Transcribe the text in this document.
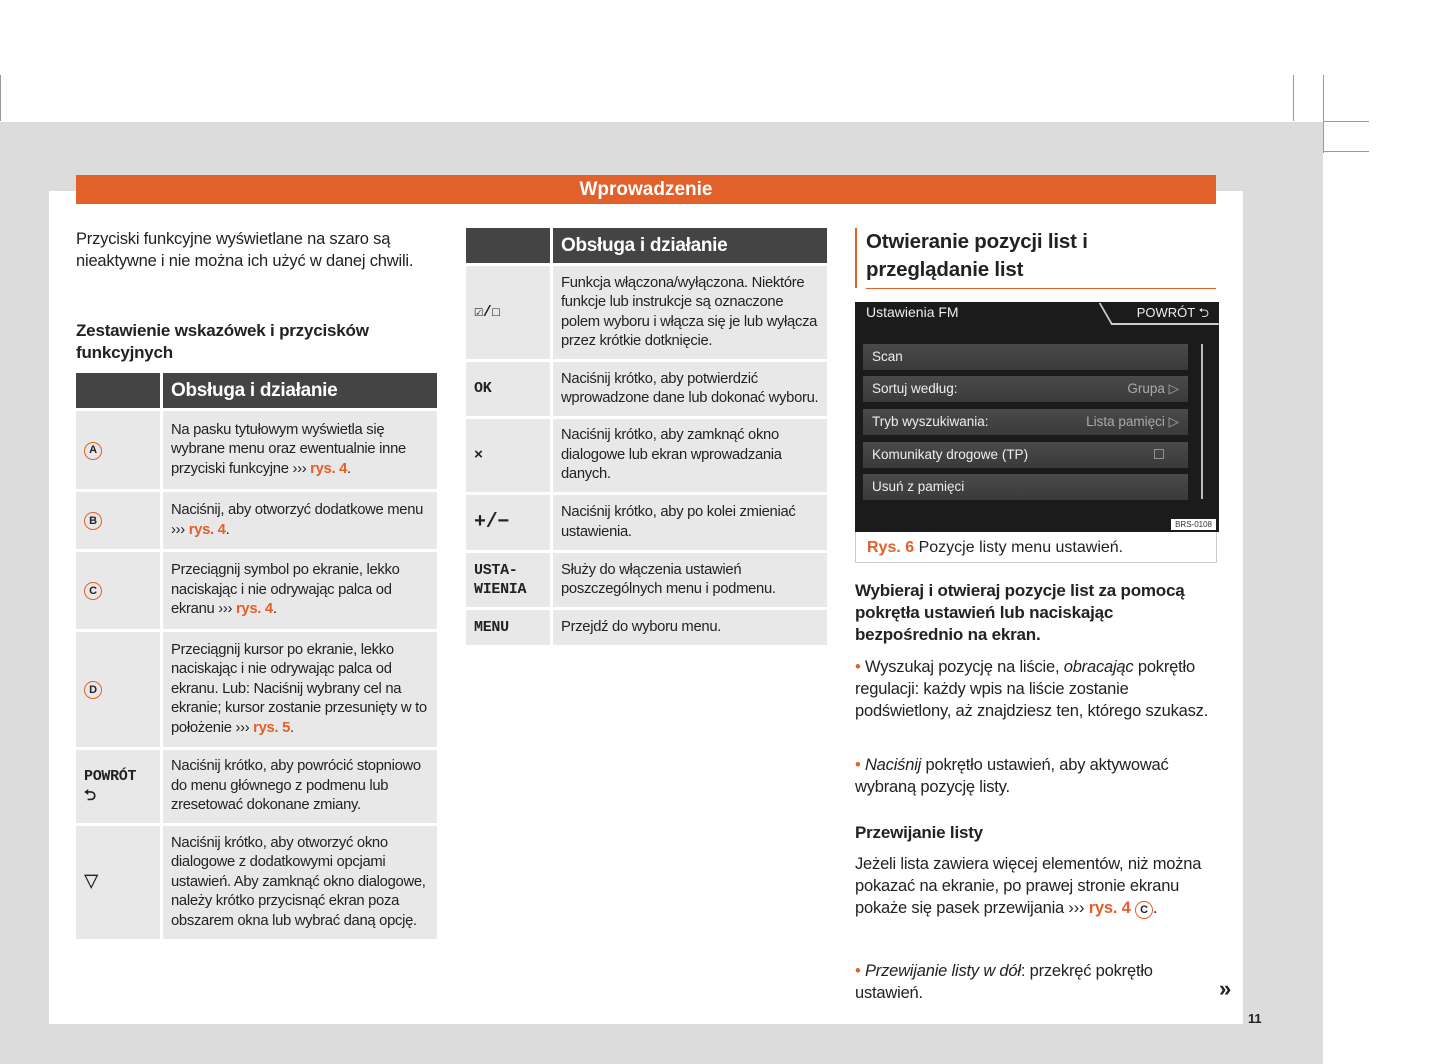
Wprowadzenie
Przyciski funkcyjne wyświetlane na szaro są nieaktywne i nie można ich użyć w danej chwili.
Zestawienie wskazówek i przycisków funkcyjnych
	Obsługa i działanie
A	Na pasku tytułowym wyświetla się wybrane menu oraz ewentualnie inne przyciski funkcyjne ››› rys. 4.
B	Naciśnij, aby otworzyć dodatkowe menu ››› rys. 4.
C	Przeciągnij symbol po ekranie, lekko naciskając i nie odrywając palca od ekranu ››› rys. 4.
D	Przeciągnij kursor po ekranie, lekko naciskając i nie odrywając palca od ekranu. Lub: Naciśnij wybrany cel na ekranie; kursor zostanie przesunięty w to położenie ››› rys. 5.
POWRÓT ⮌	Naciśnij krótko, aby powrócić stopniowo do menu głównego z podmenu lub zresetować dokonane zmiany.
▽	Naciśnij krótko, aby otworzyć okno dialogowe z dodatkowymi opcjami ustawień. Aby zamknąć okno dialogowe, należy krótko przycisnąć ekran poza obszarem okna lub wybrać daną opcję.
	Obsługa i działanie
☑/☐	Funkcja włączona/wyłączona. Niektóre funkcje lub instrukcje są oznaczone polem wyboru i włącza się je lub wyłącza przez krótkie dotknięcie.
OK	Naciśnij krótko, aby potwierdzić wprowadzone dane lub dokonać wyboru.
×	Naciśnij krótko, aby zamknąć okno dialogowe lub ekran wprowadzania danych.
+/−	Naciśnij krótko, aby po kolei zmieniać ustawienia.
USTA-WIENIA	Służy do włączenia ustawień poszczególnych menu i podmenu.
MENU	Przejdź do wyboru menu.
Otwieranie pozycji list i przeglądanie list
Ustawienia FM	POWRÓT ⮌
Scan
Sortuj według:	Grupa ▷
Tryb wyszukiwania:	Lista pamięci ▷
Komunikaty drogowe (TP)	☐
Usuń z pamięci
BRS-0108
Rys. 6 Pozycje listy menu ustawień.
Wybieraj i otwieraj pozycje list za pomocą pokrętła ustawień lub naciskając bezpośrednio na ekran.
• Wyszukaj pozycję na liście, obracając pokrętło regulacji: każdy wpis na liście zostanie podświetlony, aż znajdziesz ten, którego szukasz.
• Naciśnij pokrętło ustawień, aby aktywować wybraną pozycję listy.
Przewijanie listy
Jeżeli lista zawiera więcej elementów, niż można pokazać na ekranie, po prawej stronie ekranu pokaże się pasek przewijania ››› rys. 4 C .
• Przewijanie listy w dół: przekręć pokrętło ustawień.	»
11
